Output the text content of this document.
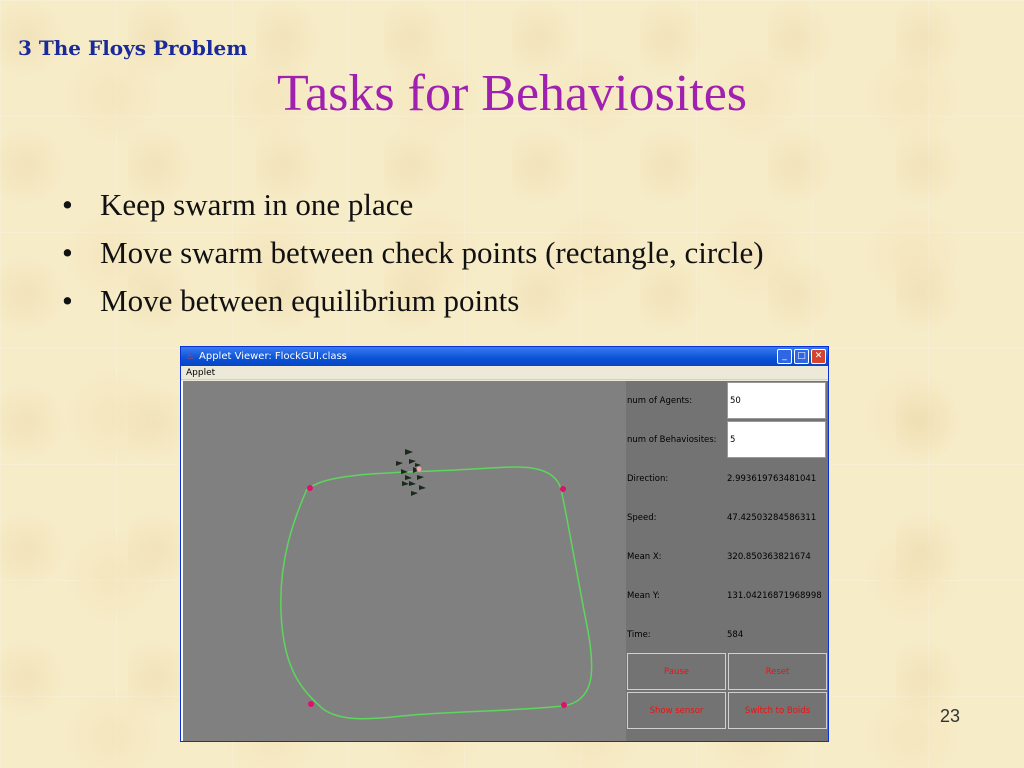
3 The Floys Problem
Tasks for Behaviosites
• Keep swarm in one place
• Move swarm between check points (rectangle, circle)
• Move between equilibrium points
♨ Applet Viewer: FlockGUI.class	_	□ ✕
Applet
num of Agents:	50
num of Behaviosites:	5
Direction:	2.993619763481041
Speed:	47.42503284586311
Mean X:	320.850363821674
Mean Y:	131.04216871968998
Time:	584
Pause	Reset
Show sensor	Switch to Boids	23
